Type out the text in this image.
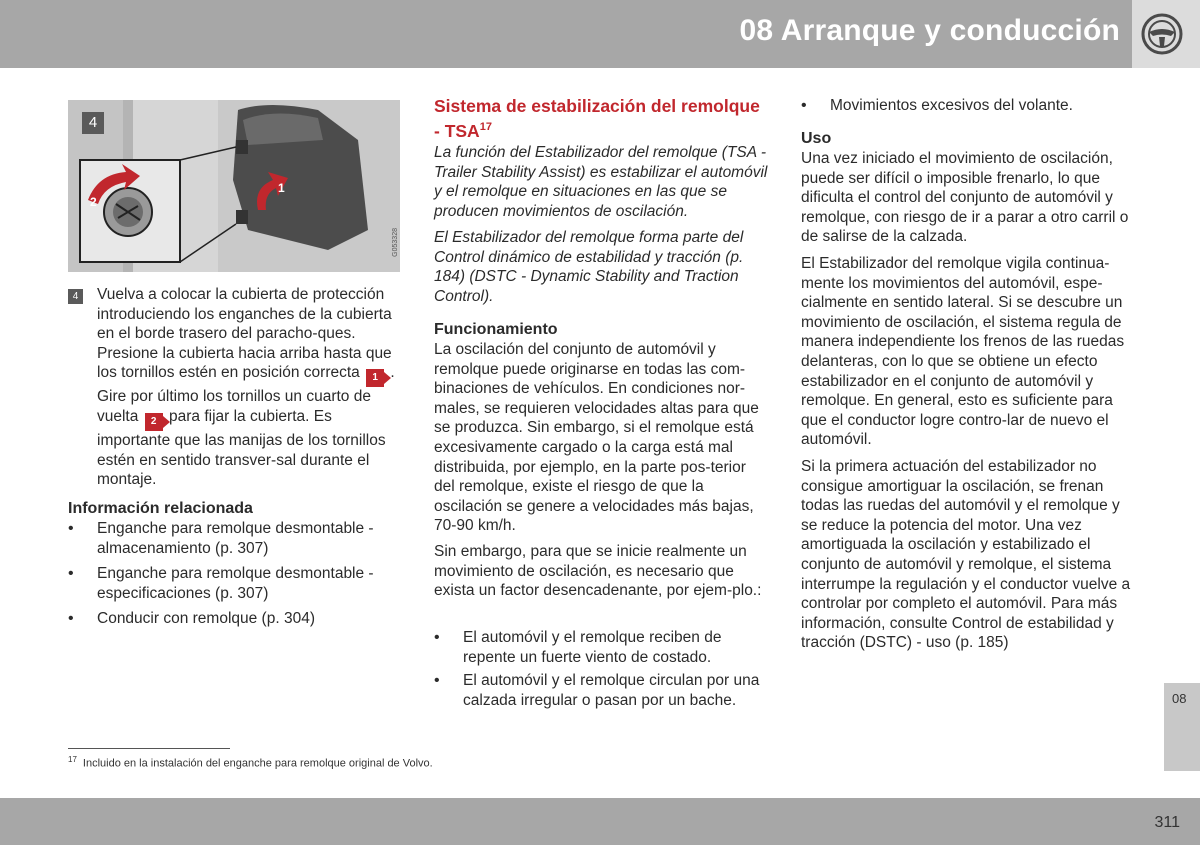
08 Arranque y conducción
2
1
4
G053328
4	Vuelva a colocar la cubierta de protección introduciendo los enganches de la cubierta en el borde trasero del paracho-ques. Presione la cubierta hacia arriba hasta que los tornillos estén en posición correcta 1 . Gire por último los tornillos un cuarto de vuelta 2 para fijar la cubierta. Es importante que las manijas de los tornillos estén en sentido transver-sal durante el montaje.
Información relacionada
• Enganche para remolque desmontable - almacenamiento (p. 307)
• Enganche para remolque desmontable - especificaciones (p. 307)
• Conducir con remolque (p. 304)
Sistema de estabilización del remolque - TSA$^{17}$
La función del Estabilizador del remolque (TSA -Trailer Stability Assist) es estabilizar el automóvil y el remolque en situaciones en las que se producen movimientos de oscilación.
El Estabilizador del remolque forma parte del Control dinámico de estabilidad y tracción (p. 184) (DSTC - Dynamic Stability and Traction Control).
Funcionamiento
La oscilación del conjunto de automóvil y remolque puede originarse en todas las com-binaciones de vehículos. En condiciones nor-males, se requieren velocidades altas para que se produzca. Sin embargo, si el remolque está excesivamente cargado o la carga está mal distribuida, por ejemplo, en la parte pos-terior del remolque, existe el riesgo de que la oscilación se genere a velocidades más bajas, 70-90 km/h.
Sin embargo, para que se inicie realmente un movimiento de oscilación, es necesario que exista un factor desencadenante, por ejem-plo.:
• El automóvil y el remolque reciben de repente un fuerte viento de costado.
• El automóvil y el remolque circulan por una calzada irregular o pasan por un bache.
• Movimientos excesivos del volante.
Uso
Una vez iniciado el movimiento de oscilación, puede ser difícil o imposible frenarlo, lo que dificulta el control del conjunto de automóvil y remolque, con riesgo de ir a parar a otro carril o de salirse de la calzada.
El Estabilizador del remolque vigila continua-mente los movimientos del automóvil, espe-cialmente en sentido lateral. Si se descubre un movimiento de oscilación, el sistema regula de manera independiente los frenos de las ruedas delanteras, con lo que se obtiene un efecto estabilizador en el conjunto de automóvil y remolque. En general, esto es suficiente para que el conductor logre contro-lar de nuevo el automóvil.
Si la primera actuación del estabilizador no consigue amortiguar la oscilación, se frenan todas las ruedas del automóvil y el remolque y se reduce la potencia del motor. Una vez amortiguada la oscilación y estabilizado el conjunto de automóvil y remolque, el sistema interrumpe la regulación y el conductor vuelve a controlar por completo el automóvil. Para más información, consulte Control de estabilidad y tracción (DSTC) - uso (p. 185)
08
$^{17}$ Incluido en la instalación del enganche para remolque original de Volvo.
311
